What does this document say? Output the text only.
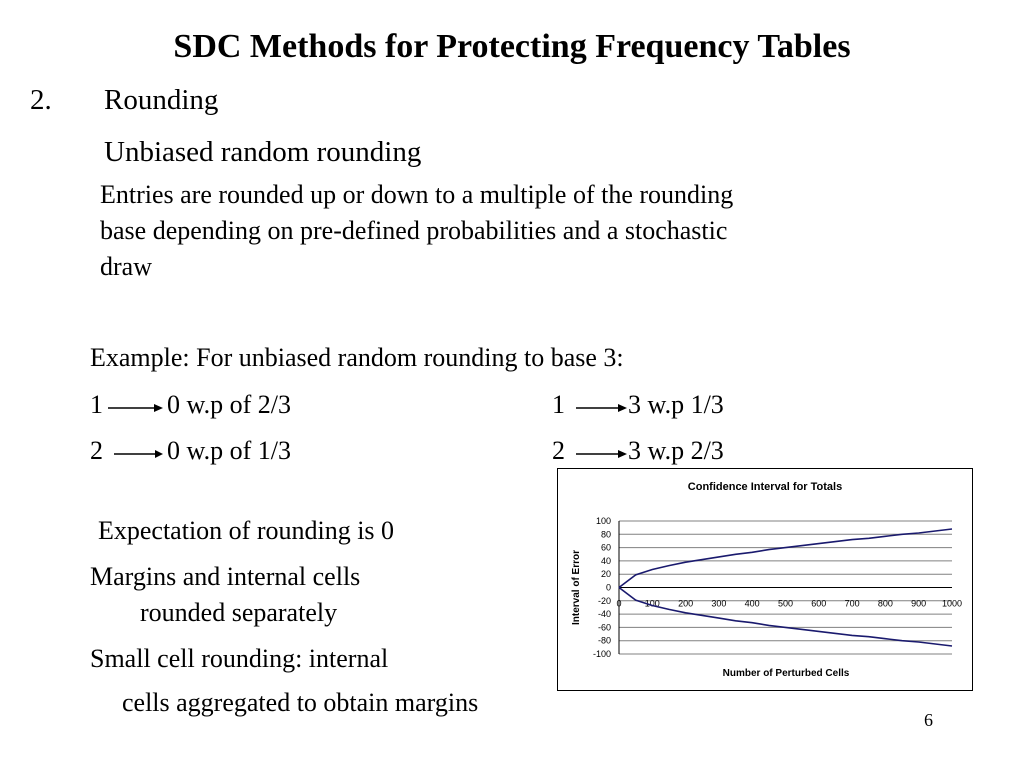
SDC Methods for Protecting Frequency Tables
2. Rounding
Unbiased random rounding
Entries are rounded up or down to a multiple of the rounding
base depending on pre-defined probabilities and a stochastic
draw
Example: For unbiased random rounding to base 3:
1 0 w.p of 2/3
2 0 w.p of 1/3
1 3 w.p 1/3
2 3 w.p 2/3
Expectation of rounding is 0
Margins and internal cells
rounded separately
Small cell rounding: internal
cells aggregated to obtain margins
6
100
80
60
40
20
0
-20
-40
-60
-80
-100
0	100 200 300 400 500 600 700 800 900 1000
Confidence Interval for Totals
Number of Perturbed Cells
Interval of Error
